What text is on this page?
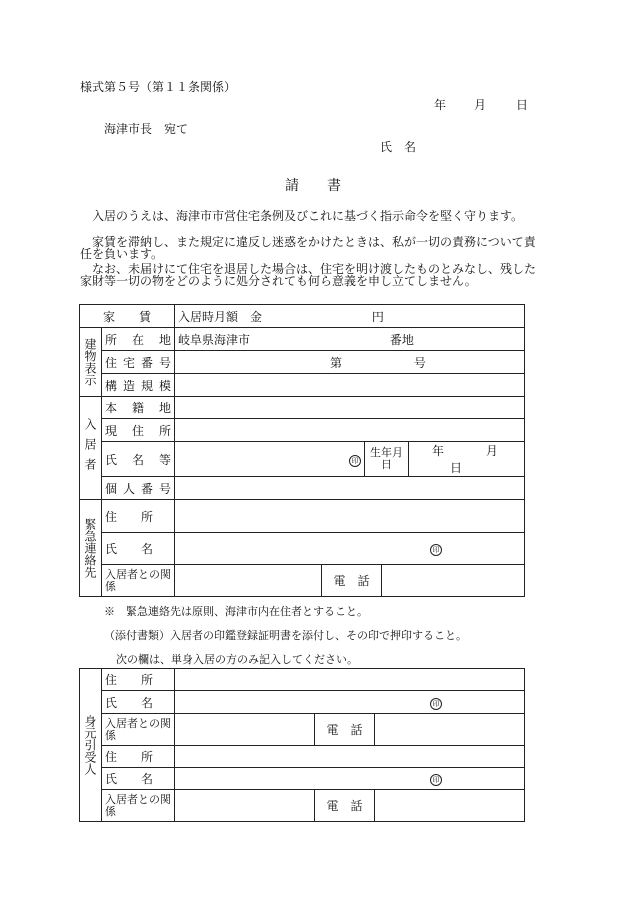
様式第５号（第１１条関係）
年 月 日
海津市長　宛て
氏　名
請　　書
入居のうえは、海津市市営住宅条例及びこれに基づく指示命令を堅く守ります。
家賃を滞納し、また規定に違反し迷惑をかけたときは、私が一切の責務について責任を負います。
なお、未届けにて住宅を退居した場合は、住宅を明け渡したものとみなし、残した家財等一切の物をどのように処分されても何ら意義を申し立てしません。
家　　賃		入居時月額　金 円				
建物表示	所在地	岐阜県海津市 番地				
	住宅番号	第 号				
	構造規模					
入居者	本籍地					
	現住所					
	氏名等	印		生年月日		年 月 日
	個人番号					
緊急連絡先	住　　所					
	氏　　名	印				
	入居者との関係		電　話			
※　緊急連絡先は原則、海津市内在住者とすること。
（添付書類）入居者の印鑑登録証明書を添付し、その印で押印すること。
次の欄は、単身入居の方のみ記入してください。
身元引受人	住　　所			
	氏　　名	印		
	入居者との関係		電　話	
	住　　所			
	氏　　名	印		
	入居者との関係		電　話	
